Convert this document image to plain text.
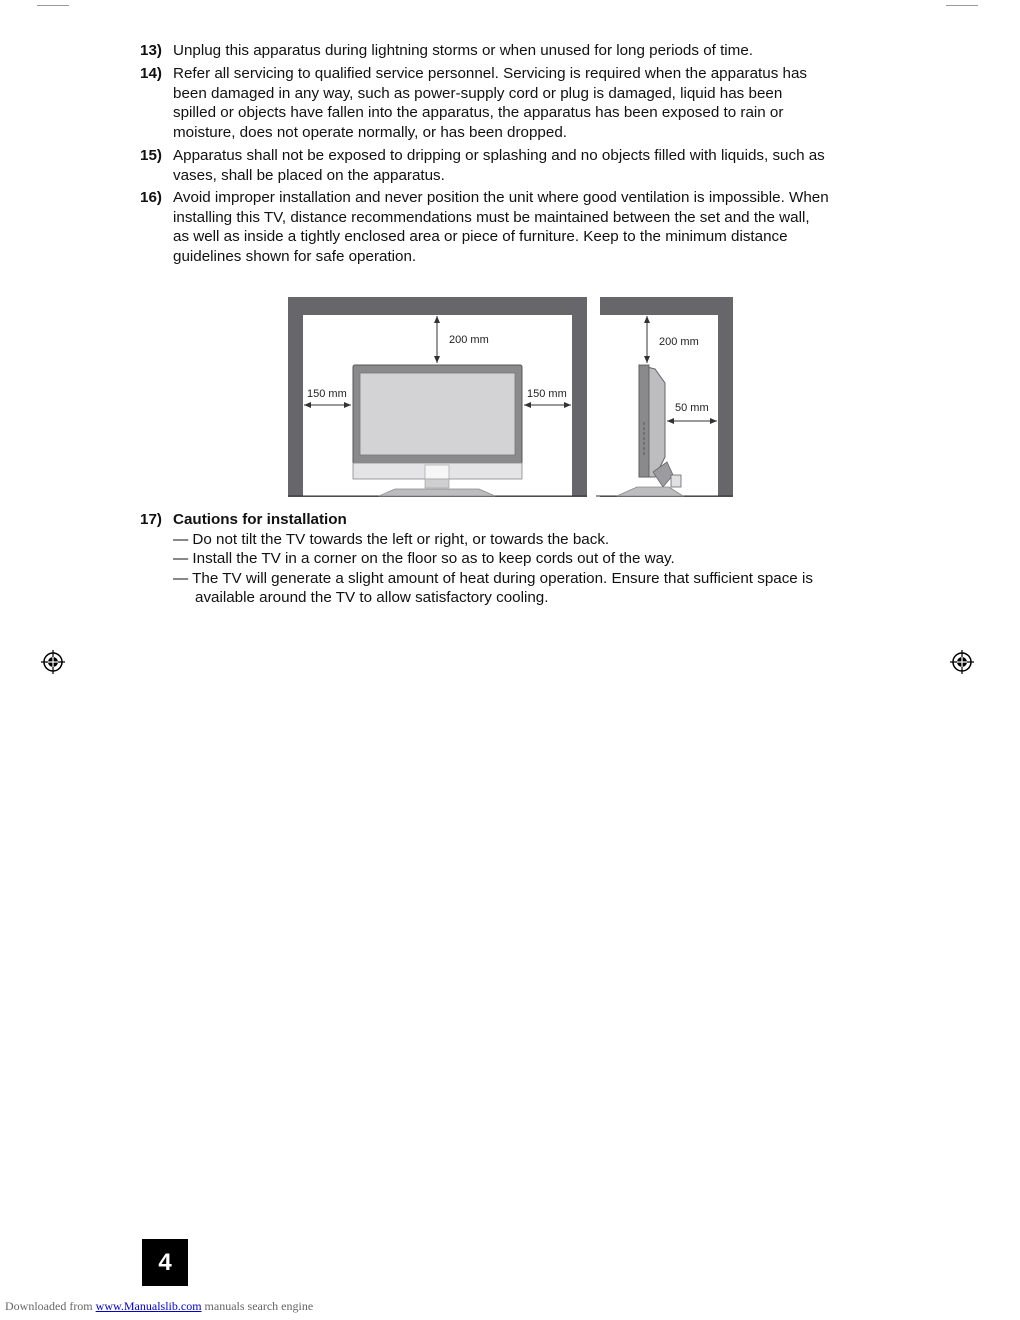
13) Unplug this apparatus during lightning storms or when unused for long periods of time.
14) Refer all servicing to qualified service personnel. Servicing is required when the apparatus has
been damaged in any way, such as power-supply cord or plug is damaged, liquid has been
spilled or objects have fallen into the apparatus, the apparatus has been exposed to rain or
moisture, does not operate normally, or has been dropped.
15) Apparatus shall not be exposed to dripping or splashing and no objects filled with liquids, such as
vases, shall be placed on the apparatus.
16) Avoid improper installation and never position the unit where good ventilation is impossible. When
installing this TV, distance recommendations must be maintained between the set and the wall,
as well as inside a tightly enclosed area or piece of furniture. Keep to the minimum distance
guidelines shown for safe operation.
200 mm
150 mm	150 mm
200 mm
50 mm
17) Cautions for installation
— Do not tilt the TV towards the left or right, or towards the back.
— Install the TV in a corner on the floor so as to keep cords out of the way.
— The TV will generate a slight amount of heat during operation. Ensure that sufficient space is
available around the TV to allow satisfactory cooling.
4
Downloaded from www.Manualslib.com manuals search engine
